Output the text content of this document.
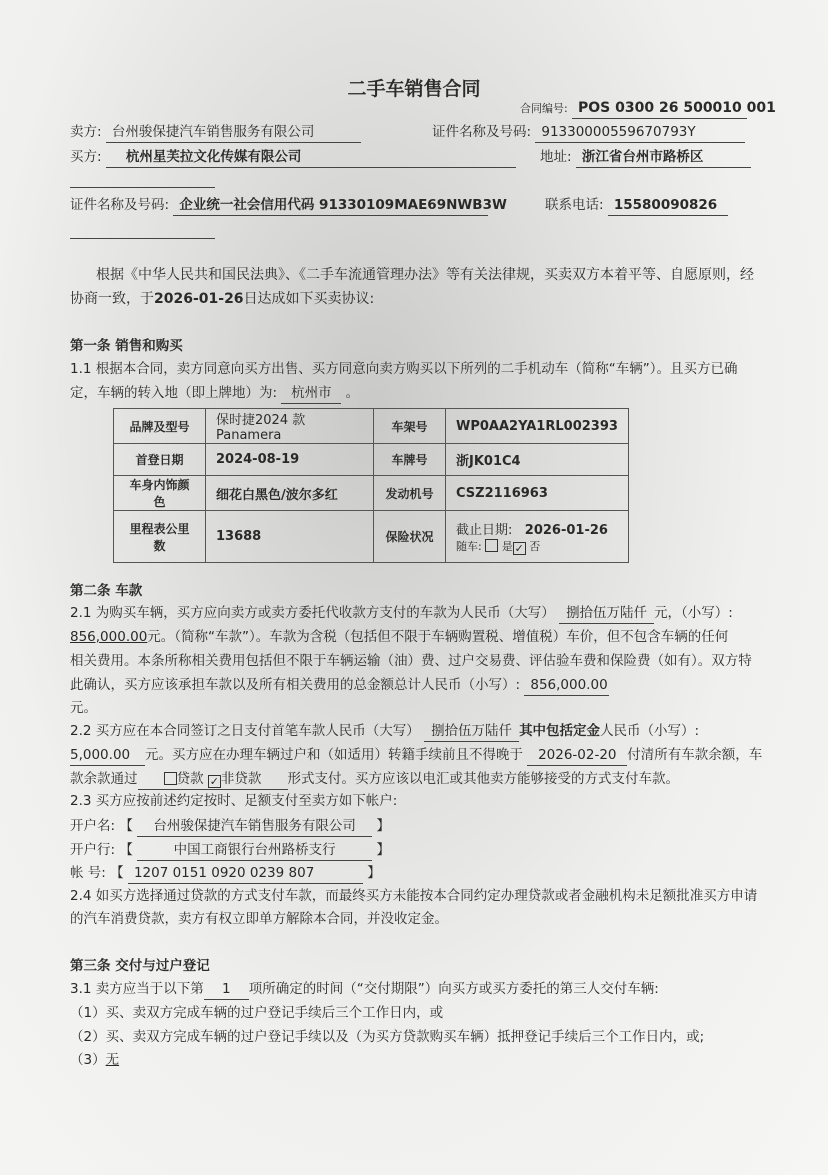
二手车销售合同
合同编号: POS 0300 26 500010 001
卖方: 台州骏保捷汽车销售服务有限公司	证件名称及号码: 91330000559670793Y
买方: 杭州星芙拉文化传媒有限公司	地址: 浙江省台州市路桥区
证件名称及号码: 企业统一社会信用代码 91330109MAE69NWB3W	联系电话: 15580090826
根据《中华人民共和国民法典》、《二手车流通管理办法》等有关法律规，买卖双方本着平等、自愿原则，经
协商一致，于2026-01-26日达成如下买卖协议:
第一条 销售和购买
1.1 根据本合同，卖方同意向买方出售、买方同意向卖方购买以下所列的二手机动车（简称“车辆”）。且买方已确
定，车辆的转入地（即上牌地）为: 杭州市 。
品牌及型号	保时捷2024 款Panamera	车架号	WP0AA2YA1RL002393
首登日期	2024-08-19	车牌号	浙JK01C4
车身内饰颜色	细花白黑色/波尔多红	发动机号	CSZ2116963
里程表公里数	13688	保险状况	截止日期: 2026-01-26
随车: 是 ✓ 否
第二条 车款
2.1 为购买车辆，买方应向卖方或卖方委托代收款方支付的车款为人民币（大写） 捌拾伍万陆仟 元，（小写）:
856,000.00元。（简称“车款”）。车款为含税（包括但不限于车辆购置税、增值税）车价，但不包含车辆的任何
相关费用。本条所称相关费用包括但不限于车辆运输（油）费、过户交易费、评估验车费和保险费（如有）。双方特
此确认，买方应该承担车款以及所有相关费用的总金额总计人民币（小写）: 856,000.00
元。
2.2 买方应在本合同签订之日支付首笔车款人民币（大写） 捌拾伍万陆仟 其中包括定金人民币（小写）:
5,000.00 元。买方应在办理车辆过户和（如适用）转籍手续前且不得晚于 2026-02-20 付清所有车款余额，车
款余款通过	贷款 ✓ 非贷款 形式支付。买方应该以电汇或其他卖方能够接受的方式支付车款。
2.3 买方应按前述约定按时、足额支付至卖方如下帐户:
开户名: 【 台州骏保捷汽车销售服务有限公司 】
开户行: 【	中国工商银行台州路桥支行	】
帐 号: 【 1207 0151 0920 0239 807	】
2.4 如买方选择通过贷款的方式支付车款，而最终买方未能按本合同约定办理贷款或者金融机构未足额批准买方申请
的汽车消费贷款，卖方有权立即单方解除本合同，并没收定金。
第三条 交付与过户登记
3.1 卖方应当于以下第 1 项所确定的时间（“交付期限”）向买方或买方委托的第三人交付车辆:
（1）买、卖双方完成车辆的过户登记手续后三个工作日内，或
（2）买、卖双方完成车辆的过户登记手续以及（为买方贷款购买车辆）抵押登记手续后三个工作日内，或;
（3）无
